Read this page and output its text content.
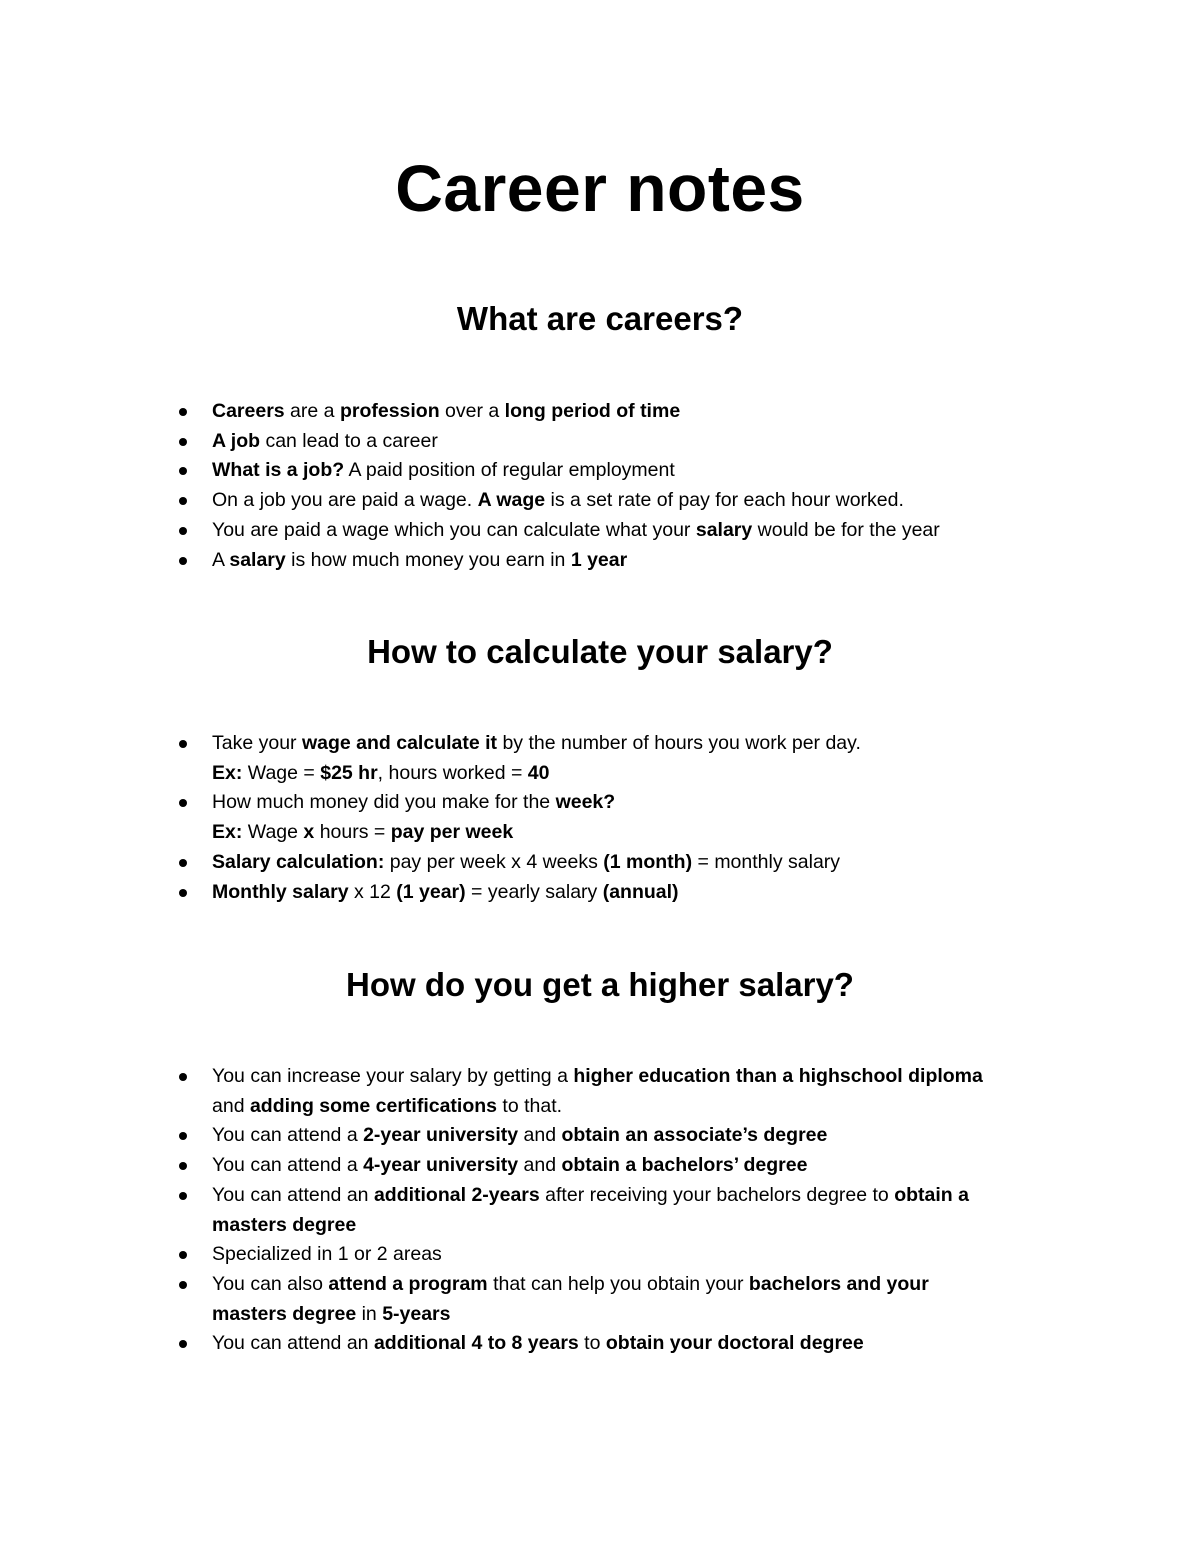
Career notes
What are careers?
Careers are a profession over a long period of time
A job can lead to a career
What is a job? A paid position of regular employment
On a job you are paid a wage. A wage is a set rate of pay for each hour worked.
You are paid a wage which you can calculate what your salary would be for the year
A salary is how much money you earn in 1 year
How to calculate your salary?
Take your wage and calculate it by the number of hours you work per day.
Ex: Wage = $25 hr, hours worked = 40
How much money did you make for the week?
Ex: Wage x hours = pay per week
Salary calculation: pay per week x 4 weeks (1 month) = monthly salary
Monthly salary x 12 (1 year) = yearly salary (annual)
How do you get a higher salary?
You can increase your salary by getting a higher education than a highschool diploma
and adding some certifications to that.
You can attend a 2-year university and obtain an associate’s degree
You can attend a 4-year university and obtain a bachelors’ degree
You can attend an additional 2-years after receiving your bachelors degree to obtain a
masters degree
Specialized in 1 or 2 areas
You can also attend a program that can help you obtain your bachelors and your
masters degree in 5-years
You can attend an additional 4 to 8 years to obtain your doctoral degree
